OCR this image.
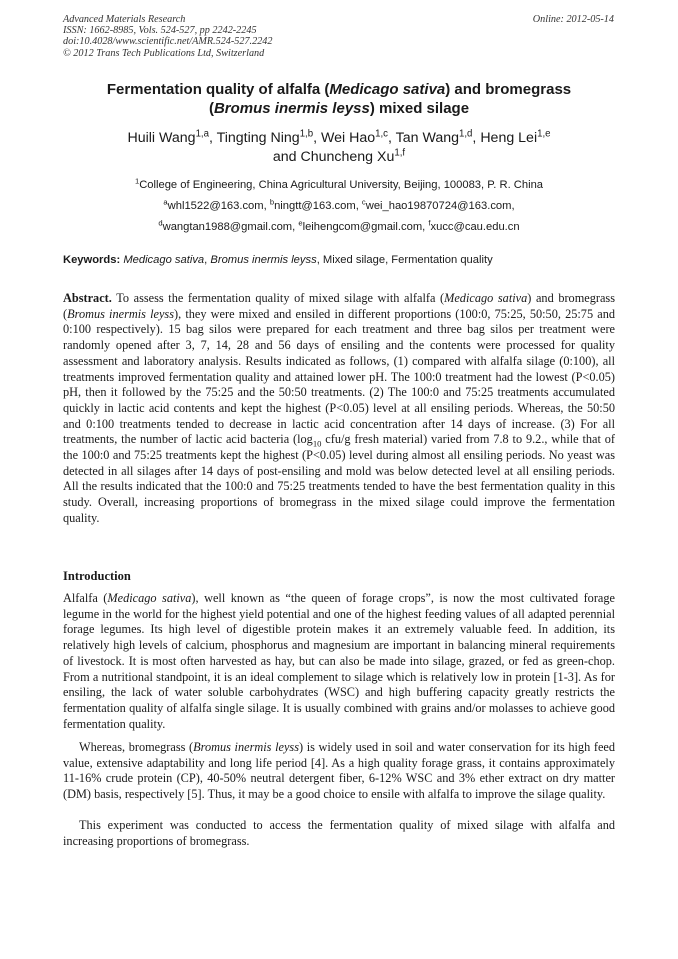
Advanced Materials Research
ISSN: 1662-8985, Vols. 524-527, pp 2242-2245
doi:10.4028/www.scientific.net/AMR.524-527.2242
© 2012 Trans Tech Publications Ltd, Switzerland
Online: 2012-05-14
Fermentation quality of alfalfa (Medicago sativa) and bromegrass
(Bromus inermis leyss) mixed silage
Huili Wang$^{1,a}$, Tingting Ning$^{1,b}$, Wei Hao$^{1,c}$, Tan Wang$^{1,d}$, Heng Lei$^{1,e}$
and Chuncheng Xu$^{1,f}$
$^1$College of Engineering, China Agricultural University, Beijing, 100083, P. R. China
$^a$whl1522@163.com, $^b$ningtt@163.com, $^c$wei_hao19870724@163.com,
$^d$wangtan1988@gmail.com, $^e$leihengcom@gmail.com, $^f$xucc@cau.edu.cn
Keywords: Medicago sativa, Bromus inermis leyss, Mixed silage, Fermentation quality
Abstract. To assess the fermentation quality of mixed silage with alfalfa (Medicago sativa) and bromegrass (Bromus inermis leyss), they were mixed and ensiled in different proportions (100:0, 75:25, 50:50, 25:75 and 0:100 respectively). 15 bag silos were prepared for each treatment and three bag silos per treatment were randomly opened after 3, 7, 14, 28 and 56 days of ensiling and the contents were processed for quality assessment and laboratory analysis. Results indicated as follows, (1) compared with alfalfa silage (0:100), all treatments improved fermentation quality and attained lower pH. The 100:0 treatment had the lowest (P<0.05) pH, then it followed by the 75:25 and the 50:50 treatments. (2) The 100:0 and 75:25 treatments accumulated quickly in lactic acid contents and kept the highest (P<0.05) level at all ensiling periods. Whereas, the 50:50 and 0:100 treatments tended to decrease in lactic acid concentration after 14 days of increase. (3) For all treatments, the number of lactic acid bacteria ($\log_{10}$ cfu/g fresh material) varied from 7.8 to 9.2., while that of the 100:0 and 75:25 treatments kept the highest (P<0.05) level during almost all ensiling periods. No yeast was detected in all silages after 14 days of post-ensiling and mold was below detected level at all ensiling periods. All the results indicated that the 100:0 and 75:25 treatments tended to have the best fermentation quality in this study. Overall, increasing proportions of bromegrass in the mixed silage could improve the fermentation quality.
Introduction
Alfalfa (Medicago sativa), well known as “the queen of forage crops”, is now the most cultivated forage legume in the world for the highest yield potential and one of the highest feeding values of all adapted perennial forage legumes. Its high level of digestible protein makes it an extremely valuable feed. In addition, its relatively high levels of calcium, phosphorus and magnesium are important in balancing mineral requirements of livestock. It is most often harvested as hay, but can also be made into silage, grazed, or fed as green-chop. From a nutritional standpoint, it is an ideal complement to silage which is relatively low in protein [1-3]. As for ensiling, the lack of water soluble carbohydrates (WSC) and high buffering capacity greatly restricts the fermentation quality of alfalfa single silage. It is usually combined with grains and/or molasses to achieve good fermentation quality.
Whereas, bromegrass (Bromus inermis leyss) is widely used in soil and water conservation for its high feed value, extensive adaptability and long life period [4]. As a high quality forage grass, it contains approximately 11-16% crude protein (CP), 40-50% neutral detergent fiber, 6-12% WSC and 3% ether extract on dry matter (DM) basis, respectively [5]. Thus, it may be a good choice to ensile with alfalfa to improve the silage quality.
This experiment was conducted to access the fermentation quality of mixed silage with alfalfa and increasing proportions of bromegrass.
